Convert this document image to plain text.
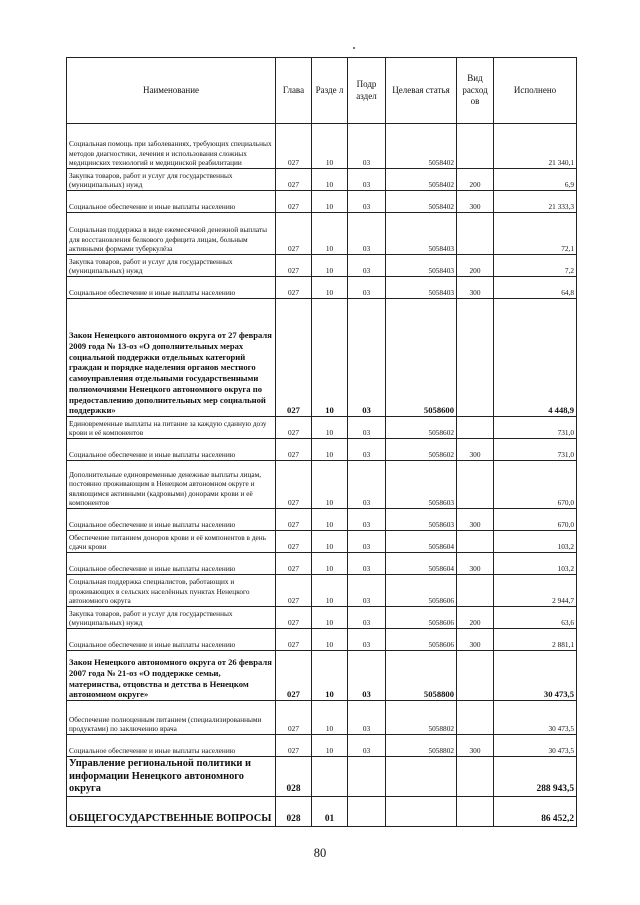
Наименование	Глава	Разде л	Подр аздел	Целевая статья	Вид расход ов	Исполнено
Социальная помощь при заболеваниях, требующих специальных методов диагностики, лечения и использования сложных медицинских технологий и медицинской реабилитации	027	10	03	5058402		21 340,1
Закупка товаров, работ и услуг для государственных (муниципальных) нужд	027	10	03	5058402	200	6,9
Социальное обеспечение и иные выплаты населению	027	10	03	5058402	300	21 333,3
Социальная поддержка в виде ежемесячной денежной выплаты для восстановления белкового дефицита лицам, больным активными формами туберкулёза	027	10	03	5058403		72,1
Закупка товаров, работ и услуг для государственных (муниципальных) нужд	027	10	03	5058403	200	7,2
Социальное обеспечение и иные выплаты населению	027	10	03	5058403	300	64,8
Закон Ненецкого автономного округа от 27 февраля 2009 года № 13-оз «О дополнительных мерах социальной поддержки отдельных категорий граждан и порядке наделения органов местного самоуправления отдельными государственными полномочиями Ненецкого автономного округа по предоставлению дополнительных мер социальной поддержки»	027	10	03	5058600		4 448,9
Единовременные выплаты на питание за каждую сданную дозу крови и её компонентов	027	10	03	5058602		731,0
Социальное обеспечение и иные выплаты населению	027	10	03	5058602	300	731,0
Дополнительные единовременные денежные выплаты лицам, постоянно проживающим в Ненецком автономном округе и являющимся активными (кадровыми) донорами крови и её компонентов	027	10	03	5058603		670,0
Социальное обеспечение и иные выплаты населению	027	10	03	5058603	300	670,0
Обеспечение питанием доноров крови и её компонентов в день сдачи крови	027	10	03	5058604		103,2
Социальное обеспечение и иные выплаты населению	027	10	03	5058604	300	103,2
Социальная поддержка специалистов, работающих и проживающих в сельских населённых пунктах Ненецкого автономного округа	027	10	03	5058606		2 944,7
Закупка товаров, работ и услуг для государственных (муниципальных) нужд	027	10	03	5058606	200	63,6
Социальное обеспечение и иные выплаты населению	027	10	03	5058606	300	2 881,1
Закон Ненецкого автономного округа от 26 февраля 2007 года № 21-оз «О поддержке семьи, материнства, отцовства и детства в Ненецком автономном округе»	027	10	03	5058800		30 473,5
Обеспечение полноценным питанием (специализированными продуктами) по заключению врача	027	10	03	5058802		30 473,5
Социальное обеспечение и иные выплаты населению	027	10	03	5058802	300	30 473,5
Управление региональной политики и информации Ненецкого автономного округа	028					288 943,5
ОБЩЕГОСУДАРСТВЕННЫЕ ВОПРОСЫ	028	01				86 452,2
80
